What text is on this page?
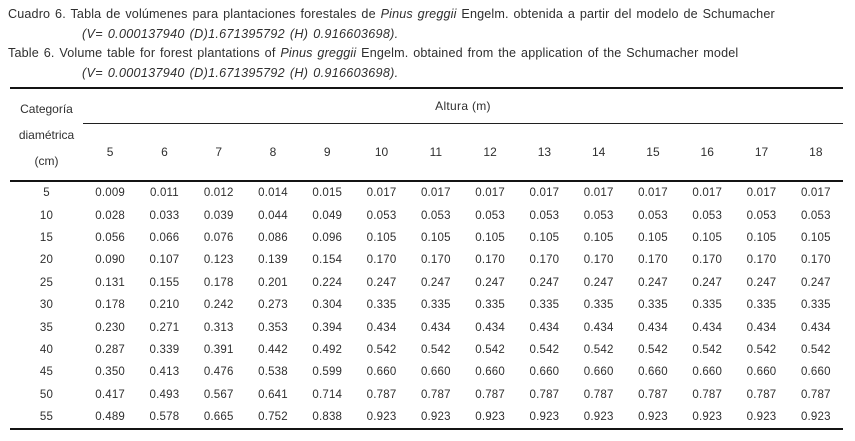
Cuadro 6. Tabla de volúmenes para plantaciones forestales de Pinus greggii Engelm. obtenida a partir del modelo de Schumacher
(V= 0.000137940 (D)1.671395792 (H) 0.916603698).
Table 6. Volume table for forest plantations of Pinus greggii Engelm. obtained from the application of the Schumacher model
(V= 0.000137940 (D)1.671395792 (H) 0.916603698).
Categoría
diamétrica
(cm)	Altura (m)													
	5	6	7	8	9	10	11	12	13	14	15	16	17	18
5	0.009	0.011	0.012	0.014	0.015	0.017	0.017	0.017	0.017	0.017	0.017	0.017	0.017	0.017
10	0.028	0.033	0.039	0.044	0.049	0.053	0.053	0.053	0.053	0.053	0.053	0.053	0.053	0.053
15	0.056	0.066	0.076	0.086	0.096	0.105	0.105	0.105	0.105	0.105	0.105	0.105	0.105	0.105
20	0.090	0.107	0.123	0.139	0.154	0.170	0.170	0.170	0.170	0.170	0.170	0.170	0.170	0.170
25	0.131	0.155	0.178	0.201	0.224	0.247	0.247	0.247	0.247	0.247	0.247	0.247	0.247	0.247
30	0.178	0.210	0.242	0.273	0.304	0.335	0.335	0.335	0.335	0.335	0.335	0.335	0.335	0.335
35	0.230	0.271	0.313	0.353	0.394	0.434	0.434	0.434	0.434	0.434	0.434	0.434	0.434	0.434
40	0.287	0.339	0.391	0.442	0.492	0.542	0.542	0.542	0.542	0.542	0.542	0.542	0.542	0.542
45	0.350	0.413	0.476	0.538	0.599	0.660	0.660	0.660	0.660	0.660	0.660	0.660	0.660	0.660
50	0.417	0.493	0.567	0.641	0.714	0.787	0.787	0.787	0.787	0.787	0.787	0.787	0.787	0.787
55	0.489	0.578	0.665	0.752	0.838	0.923	0.923	0.923	0.923	0.923	0.923	0.923	0.923	0.923
